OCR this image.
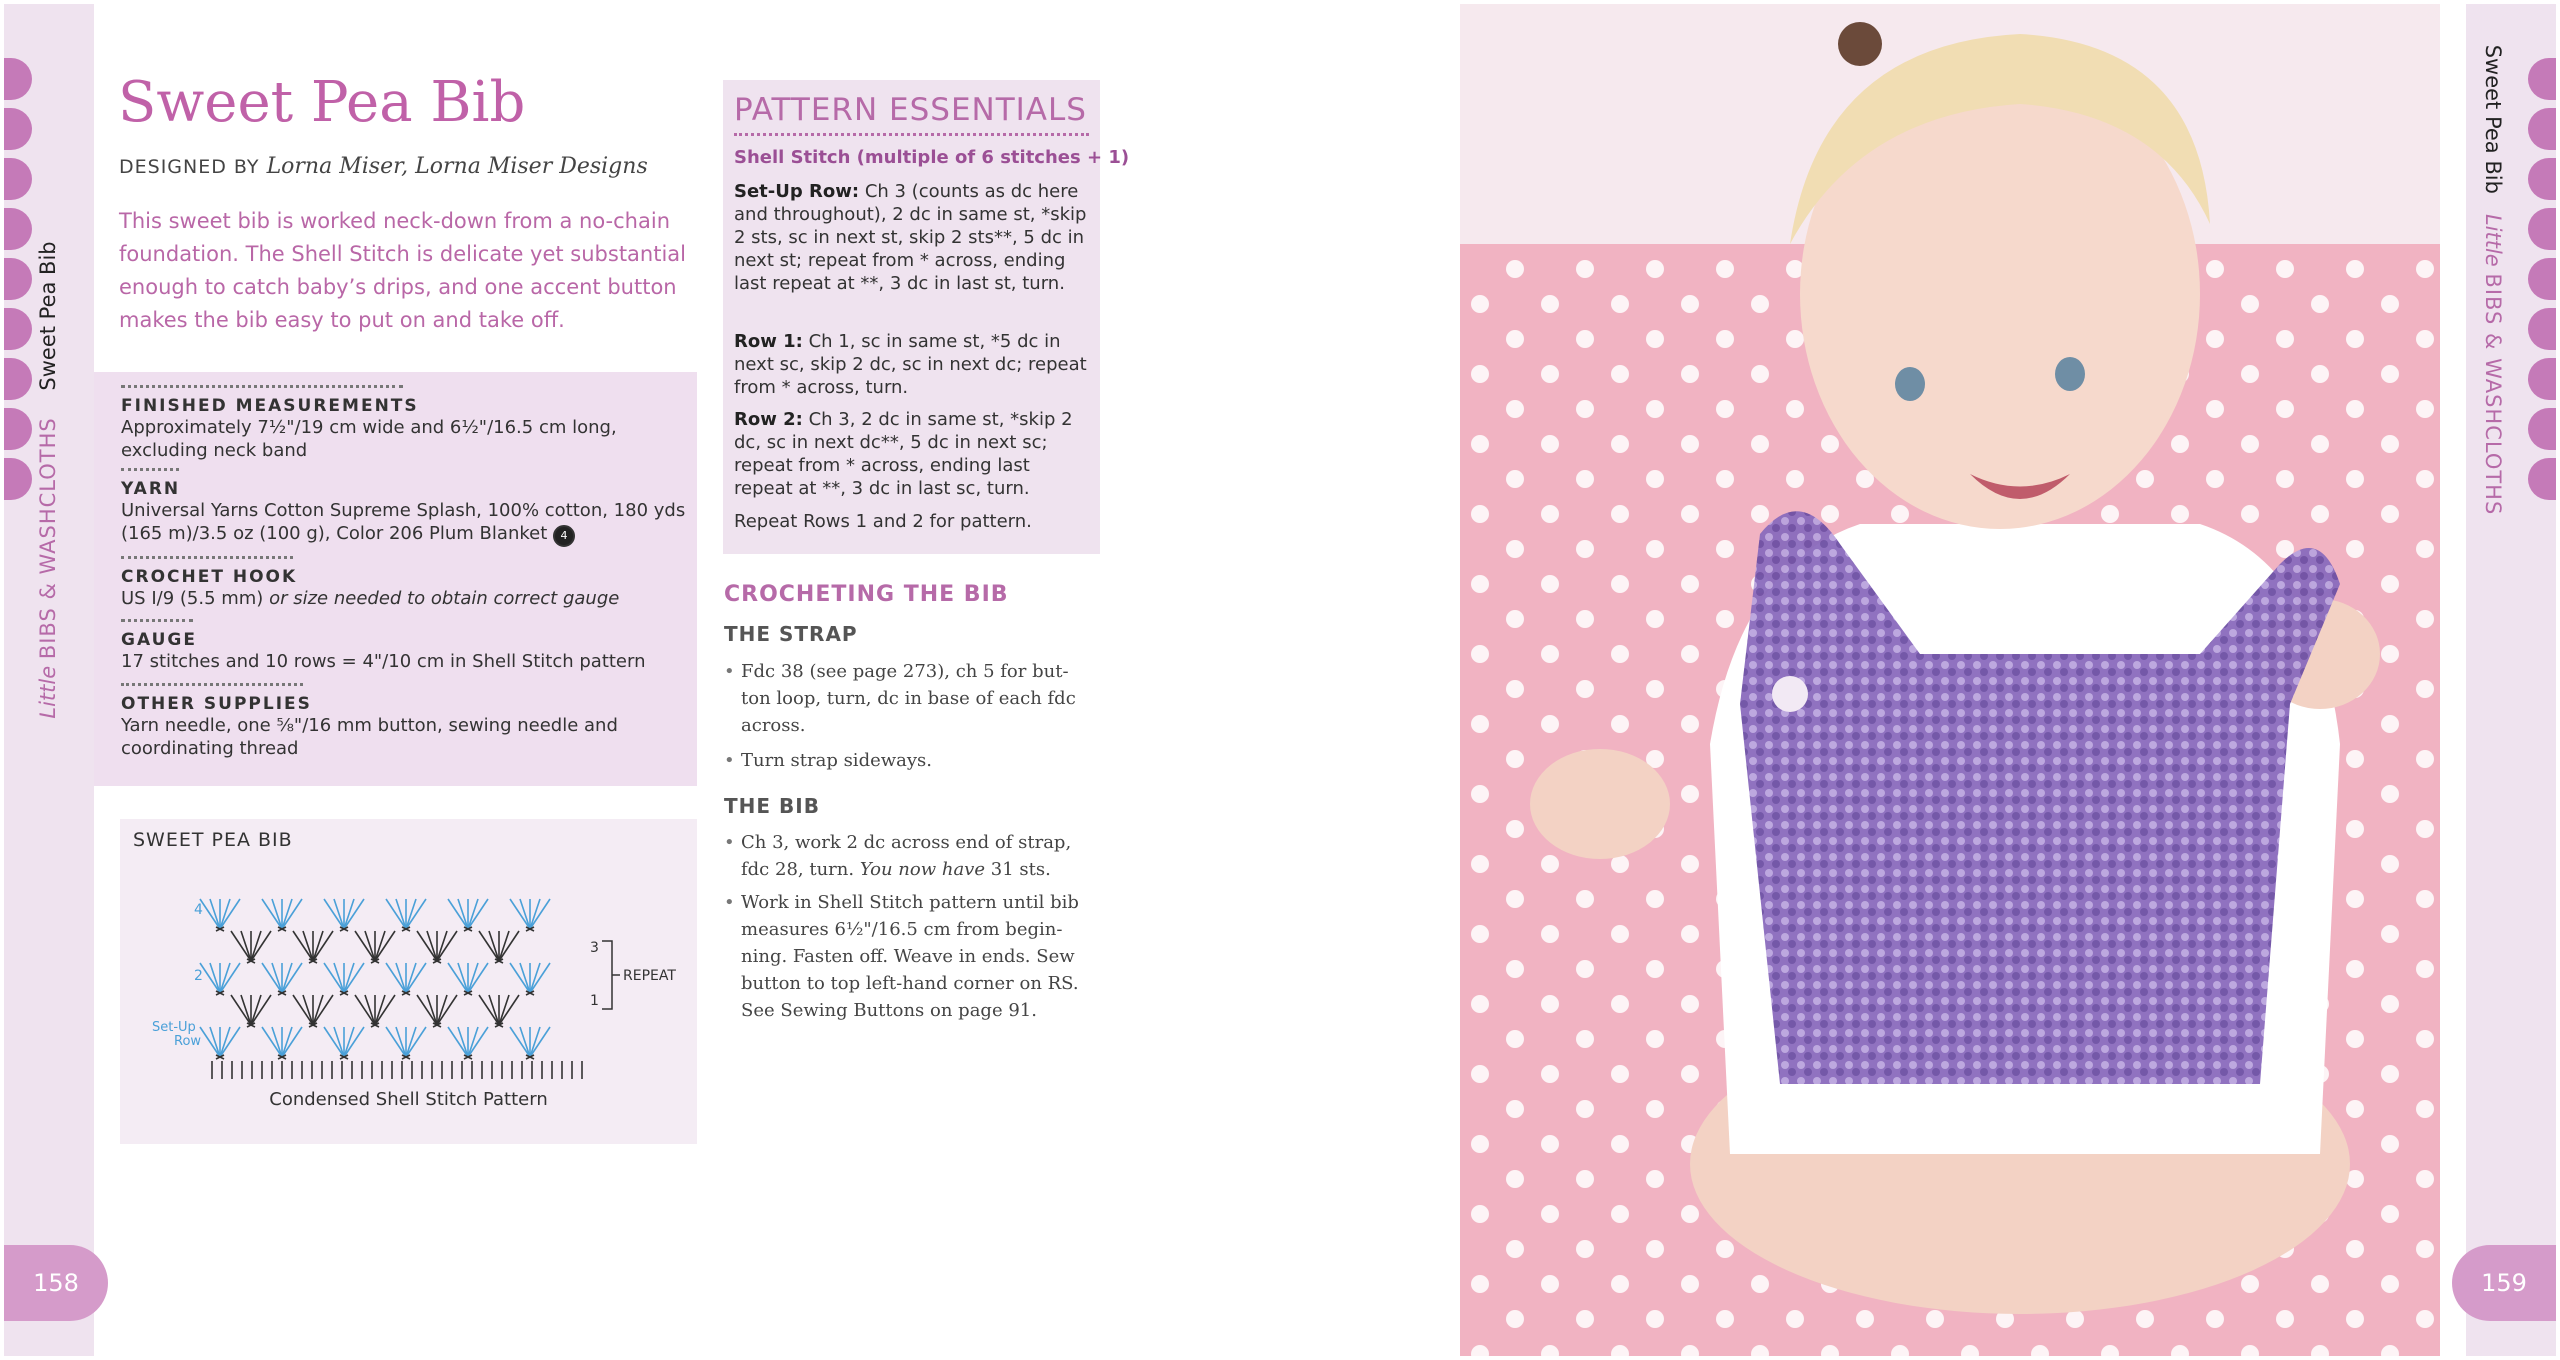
Little BIBS & WASHCLOTHS    Sweet Pea Bib
158
Sweet Pea Bib   Little BIBS & WASHCLOTHS
159
Sweet Pea Bib
DESIGNED BY Lorna Miser, Lorna Miser Designs

This sweet bib is worked neck-down from a no-chain foundation. The Shell Stitch is delicate yet substantial enough to catch baby’s drips, and one accent button makes the bib easy to put on and take off.

FINISHED MEASUREMENTS
Approximately 7½"/19 cm wide and 6½"/16.5 cm long, excluding neck band
YARN
Universal Yarns Cotton Supreme Splash, 100% cotton, 180 yds (165 m)/3.5 oz (100 g), Color 206 Plum Blanket 4
CROCHET HOOK
US I/9 (5.5 mm) or size needed to obtain correct gauge
GAUGE
17 stitches and 10 rows = 4"/10 cm in Shell Stitch pattern
OTHER SUPPLIES
Yarn needle, one ⅝"/16 mm button, sewing needle and coordinating thread
SWEET PEA BIB
4
2
Set-Up
Row
3
1
REPEAT
Condensed Shell Stitch Pattern
PATTERN ESSENTIALS
Shell Stitch (multiple of 6 stitches + 1)

Set-Up Row: Ch 3 (counts as dc here and throughout), 2 dc in same st, *skip 2 sts, sc in next st, skip 2 sts**, 5 dc in next st; repeat from * across, ending last repeat at **, 3 dc in last st, turn.

Row 1: Ch 1, sc in same st, *5 dc in next sc, skip 2 dc, sc in next dc; repeat from * across, turn.

Row 2: Ch 3, 2 dc in same st, *skip 2 dc, sc in next dc**, 5 dc in next sc; repeat from * across, ending last repeat at **, 3 dc in last sc, turn.

Repeat Rows 1 and 2 for pattern.

CROCHETING THE BIB
THE STRAP
• Fdc 38 (see page 273), ch 5 for but-ton loop, turn, dc in base of each fdc across.
• Turn strap sideways.
THE BIB
• Ch 3, work 2 dc across end of strap, fdc 28, turn. You now have 31 sts.
• Work in Shell Stitch pattern until bib measures 6½"/16.5 cm from begin-ning. Fasten off. Weave in ends. Sew button to top left-hand corner on RS. See Sewing Buttons on page 91.
